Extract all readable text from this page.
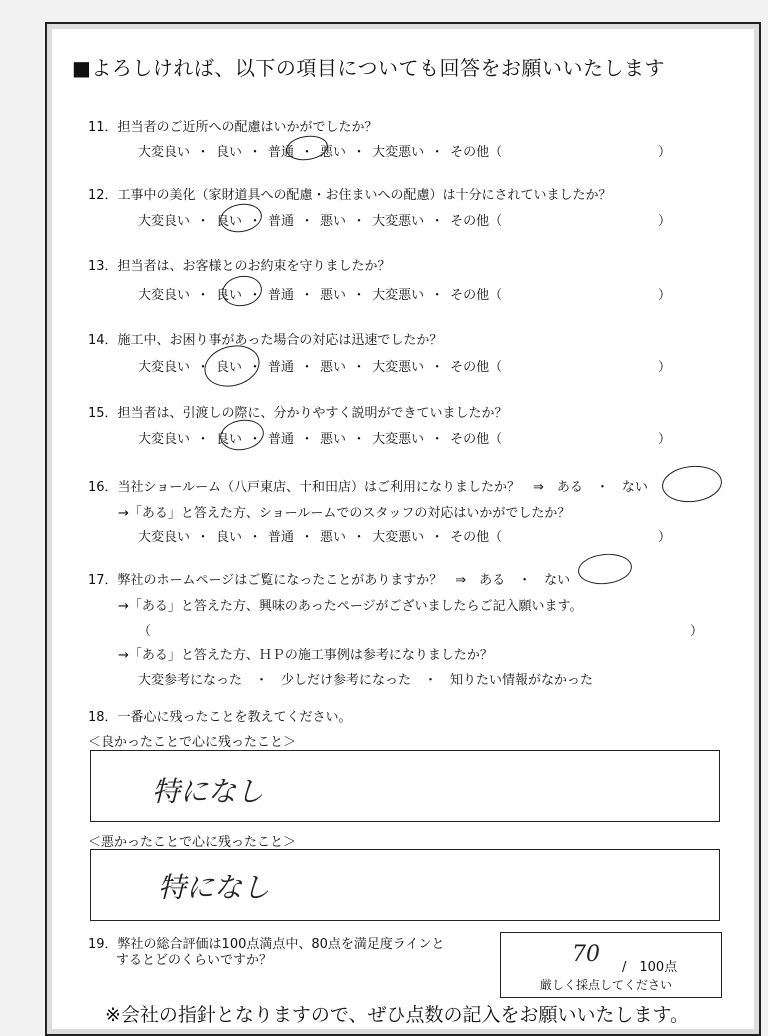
■よろしければ、以下の項目についても回答をお願いいたします
11．担当者のご近所への配慮はいかがでしたか？
大変良い ・ 良い ・ 普通 ・ 悪い ・ 大変悪い ・ その他（	）
12．工事中の美化（家財道具への配慮・お住まいへの配慮）は十分にされていましたか？
大変良い ・ 良い ・ 普通 ・ 悪い ・ 大変悪い ・ その他（	）
13．担当者は、お客様とのお約束を守りましたか？
大変良い ・ 良い ・ 普通 ・ 悪い ・ 大変悪い ・ その他（	）
14．施工中、お困り事があった場合の対応は迅速でしたか？
大変良い ・ 良い ・ 普通 ・ 悪い ・ 大変悪い ・ その他（	）
15．担当者は、引渡しの際に、分かりやすく説明ができていましたか？
大変良い ・ 良い ・ 普通 ・ 悪い ・ 大変悪い ・ その他（	）
16．当社ショールーム（八戸東店、十和田店）はご利用になりましたか？　⇒　ある　・　ない
→「ある」と答えた方、ショールームでのスタッフの対応はいかがでしたか？
大変良い ・ 良い ・ 普通 ・ 悪い ・ 大変悪い ・ その他（	）
17．弊社のホームページはご覧になったことがありますか？　⇒　ある　・　ない
→「ある」と答えた方、興味のあったページがございましたらご記入願います。
（	）
→「ある」と答えた方、ＨＰの施工事例は参考になりましたか？
大変参考になった　・　少しだけ参考になった　・　知りたい情報がなかった
18．一番心に残ったことを教えてください。
＜良かったことで心に残ったこと＞
特になし
＜悪かったことで心に残ったこと＞
特になし
19．弊社の総合評価は100点満点中、80点を満足度ラインと
するとどのくらいですか？	70
/　100点
厳しく採点してください
※会社の指針となりますので、ぜひ点数の記入をお願いいたします。
